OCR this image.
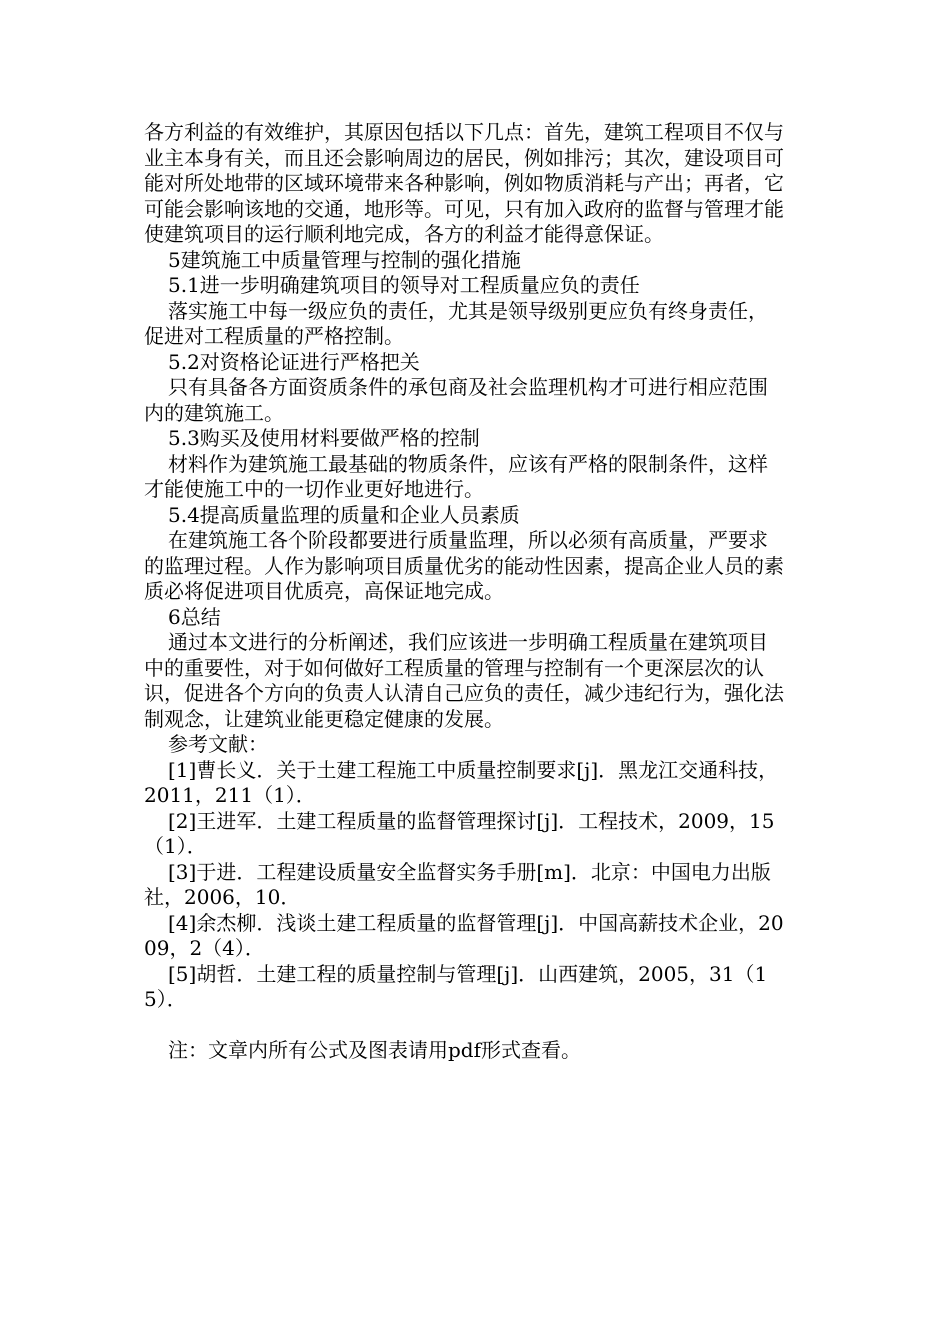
各方利益的有效维护，其原因包括以下几点：首先，建筑工程项目不仅与业主本身有关，而且还会影响周边的居民，例如排污；其次，建设项目可能对所处地带的区域环境带来各种影响，例如物质消耗与产出；再者，它可能会影响该地的交通，地形等。可见，只有加入政府的监督与管理才能使建筑项目的运行顺利地完成，各方的利益才能得意保证。

5建筑施工中质量管理与控制的强化措施

5.1进一步明确建筑项目的领导对工程质量应负的责任

落实施工中每一级应负的责任，尤其是领导级别更应负有终身责任，促进对工程质量的严格控制。

5.2对资格论证进行严格把关

只有具备各方面资质条件的承包商及社会监理机构才可进行相应范围内的建筑施工。

5.3购买及使用材料要做严格的控制

材料作为建筑施工最基础的物质条件，应该有严格的限制条件，这样才能使施工中的一切作业更好地进行。

5.4提高质量监理的质量和企业人员素质

在建筑施工各个阶段都要进行质量监理，所以必须有高质量，严要求的监理过程。人作为影响项目质量优劣的能动性因素，提高企业人员的素质必将促进项目优质亮，高保证地完成。

6总结

通过本文进行的分析阐述，我们应该进一步明确工程质量在建筑项目中的重要性，对于如何做好工程质量的管理与控制有一个更深层次的认识，促进各个方向的负责人认清自己应负的责任，减少违纪行为，强化法制观念，让建筑业能更稳定健康的发展。

参考文献：

[1]曹长义．关于土建工程施工中质量控制要求[j]．黑龙江交通科技，2011，211（1）．

[2]王进军．土建工程质量的监督管理探讨[j]．工程技术，2009，15（1）．

[3]于进．工程建设质量安全监督实务手册[m]．北京：中国电力出版社，2006，10．

[4]余杰柳．浅谈土建工程质量的监督管理[j]．中国高薪技术企业，2009，2（4）．

[5]胡哲．土建工程的质量控制与管理[j]．山西建筑，2005，31（15）．

注：文章内所有公式及图表请用pdf形式查看。
